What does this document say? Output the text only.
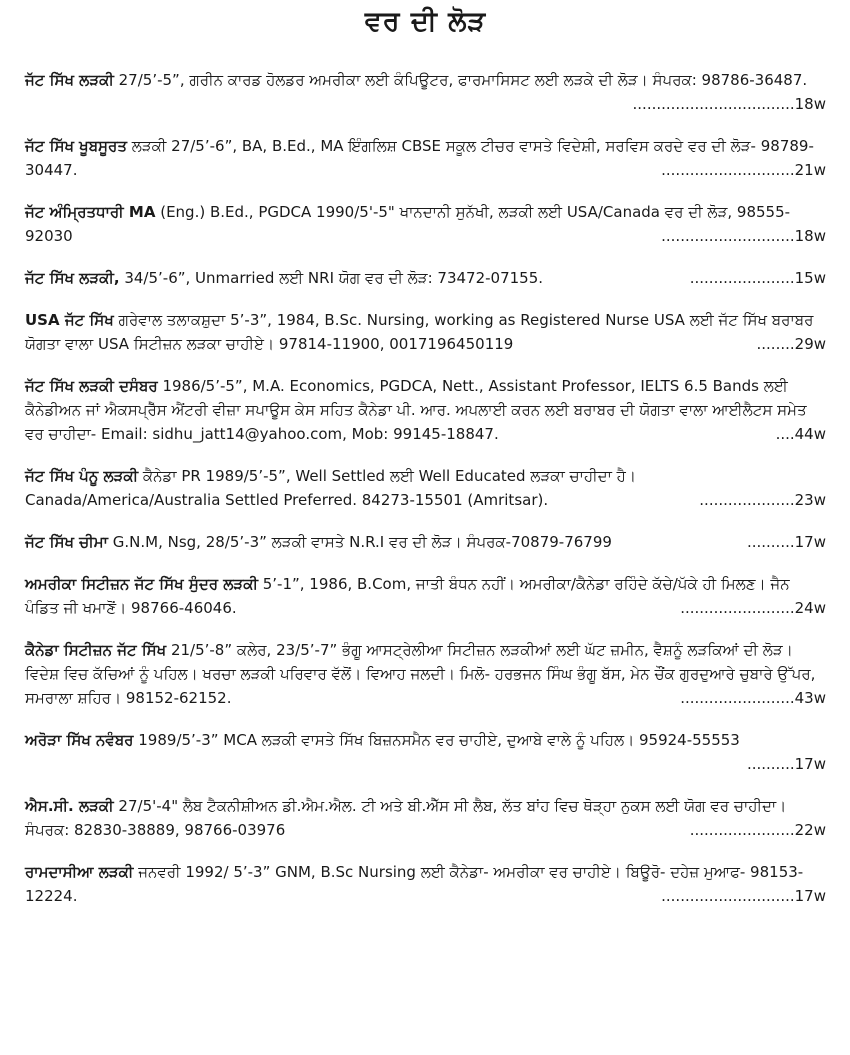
ਵਰ ਦੀ ਲੋੜ
ਜੱਟ ਸਿੱਖ ਲੜਕੀ 27/5’-5”, ਗਰੀਨ ਕਾਰਡ ਹੋਲਡਰ ਅਮਰੀਕਾ ਲਈ ਕੰਪਿਊਟਰ, ਫਾਰਮਾਸਿਸਟ ਲਈ ਲੜਕੇ ਦੀ ਲੋੜ। ਸੰਪਰਕ: 98786-36487.
..................................18w
ਜੱਟ ਸਿੱਖ ਖੂਬਸੂਰਤ ਲੜਕੀ 27/5’-6”, BA, B.Ed., MA ਇੰਗਲਿਸ਼ CBSE ਸਕੂਲ ਟੀਚਰ ਵਾਸਤੇ ਵਿਦੇਸ਼ੀ, ਸਰਵਿਸ ਕਰਦੇ ਵਰ ਦੀ ਲੋੜ- 98789-30447.	............................21w
ਜੱਟ ਅੰਮ੍ਰਿਤਧਾਰੀ MA (Eng.) B.Ed., PGDCA 1990/5'-5" ਖਾਨਦਾਨੀ ਸੁਨੱਖੀ, ਲੜਕੀ ਲਈ USA/Canada ਵਰ ਦੀ ਲੋੜ, 98555-92030	............................18w
ਜੱਟ ਸਿੱਖ ਲੜਕੀ, 34/5’-6”, Unmarried ਲਈ NRI ਯੋਗ ਵਰ ਦੀ ਲੋੜ: 73472-07155.	......................15w
USA ਜੱਟ ਸਿੱਖ ਗਰੇਵਾਲ ਤਲਾਕਸ਼ੁਦਾ 5’-3”, 1984, B.Sc. Nursing, working as Registered Nurse USA ਲਈ ਜੱਟ ਸਿੱਖ ਬਰਾਬਰ ਯੋਗਤਾ ਵਾਲਾ USA ਸਿਟੀਜ਼ਨ ਲੜਕਾ ਚਾਹੀਏ। 97814-11900, 0017196450119	........29w
ਜੱਟ ਸਿੱਖ ਲੜਕੀ ਦਸੰਬਰ 1986/5’-5”, M.A. Economics, PGDCA, Nett., Assistant Professor, IELTS 6.5 Bands ਲਈ ਕੈਨੇਡੀਅਨ ਜਾਂ ਐਕਸਪ੍ਰੈੱਸ ਐਂਟਰੀ ਵੀਜ਼ਾ ਸਪਾਊਸ ਕੇਸ ਸਹਿਤ ਕੈਨੇਡਾ ਪੀ. ਆਰ. ਅਪਲਾਈ ਕਰਨ ਲਈ ਬਰਾਬਰ ਦੀ ਯੋਗਤਾ ਵਾਲਾ ਆਈਲੈਟਸ ਸਮੇਤ ਵਰ ਚਾਹੀਦਾ- Email: sidhu_jatt14@yahoo.com, Mob: 99145-18847.	....44w
ਜੱਟ ਸਿੱਖ ਪੰਨੂ ਲੜਕੀ ਕੈਨੇਡਾ PR 1989/5’-5”, Well Settled ਲਈ Well Educated ਲੜਕਾ ਚਾਹੀਦਾ ਹੈ। Canada/America/Australia Settled Preferred. 84273-15501 (Amritsar).	....................23w
ਜੱਟ ਸਿੱਖ ਚੀਮਾ G.N.M, Nsg, 28/5’-3” ਲੜਕੀ ਵਾਸਤੇ N.R.I ਵਰ ਦੀ ਲੋੜ। ਸੰਪਰਕ-70879-76799	..........17w
ਅਮਰੀਕਾ ਸਿਟੀਜ਼ਨ ਜੱਟ ਸਿੱਖ ਸੁੰਦਰ ਲੜਕੀ 5’-1”, 1986, B.Com, ਜਾਤੀ ਬੰਧਨ ਨਹੀਂ। ਅਮਰੀਕਾ/ਕੈਨੇਡਾ ਰਹਿੰਦੇ ਕੱਚੇ/ਪੱਕੇ ਹੀ ਮਿਲਣ। ਜੈਨ ਪੰਡਿਤ ਜੀ ਖਮਾਣੋਂ। 98766-46046.	........................24w
ਕੈਨੇਡਾ ਸਿਟੀਜ਼ਨ ਜੱਟ ਸਿੱਖ 21/5’-8” ਕਲੇਰ, 23/5’-7” ਭੰਗੂ ਆਸਟ੍ਰੇਲੀਆ ਸਿਟੀਜ਼ਨ ਲੜਕੀਆਂ ਲਈ ਘੱਟ ਜ਼ਮੀਨ, ਵੈਸ਼ਨੂੰ ਲੜਕਿਆਂ ਦੀ ਲੋੜ। ਵਿਦੇਸ਼ ਵਿਚ ਕੱਚਿਆਂ ਨੂੰ ਪਹਿਲ। ਖਰਚਾ ਲੜਕੀ ਪਰਿਵਾਰ ਵੱਲੋਂ। ਵਿਆਹ ਜਲਦੀ। ਮਿਲੋ- ਹਰਭਜਨ ਸਿੰਘ ਭੰਗੂ ਬੱਸ, ਮੇਨ ਚੌਂਕ ਗੁਰਦੁਆਰੇ ਚੁਬਾਰੇ ਉੱਪਰ, ਸਮਰਾਲਾ ਸ਼ਹਿਰ। 98152-62152.	........................43w
ਅਰੋੜਾ ਸਿੱਖ ਨਵੰਬਰ 1989/5’-3” MCA ਲੜਕੀ ਵਾਸਤੇ ਸਿੱਖ ਬਿਜ਼ਨਸਮੈਨ ਵਰ ਚਾਹੀਏ, ਦੁਆਬੇ ਵਾਲੇ ਨੂੰ ਪਹਿਲ। 95924-55553
..........17w
ਐਸ.ਸੀ. ਲੜਕੀ 27/5'-4" ਲੈਬ ਟੈਕਨੀਸ਼ੀਅਨ ਡੀ.ਐਮ.ਐਲ. ਟੀ ਅਤੇ ਬੀ.ਐੱਸ ਸੀ ਲੈਬ, ਲੱਤ ਬਾਂਹ ਵਿਚ ਥੋੜ੍ਹਾ ਨੁਕਸ ਲਈ ਯੋਗ ਵਰ ਚਾਹੀਦਾ। ਸੰਪਰਕ: 82830-38889, 98766-03976	......................22w
ਰਾਮਦਾਸੀਆ ਲੜਕੀ ਜਨਵਰੀ 1992/ 5’-3” GNM, B.Sc Nursing ਲਈ ਕੈਨੇਡਾ- ਅਮਰੀਕਾ ਵਰ ਚਾਹੀਏ। ਬਿਊਰੋ- ਦਹੇਜ਼ ਮੁਆਫ- 98153-12224.	............................17w
